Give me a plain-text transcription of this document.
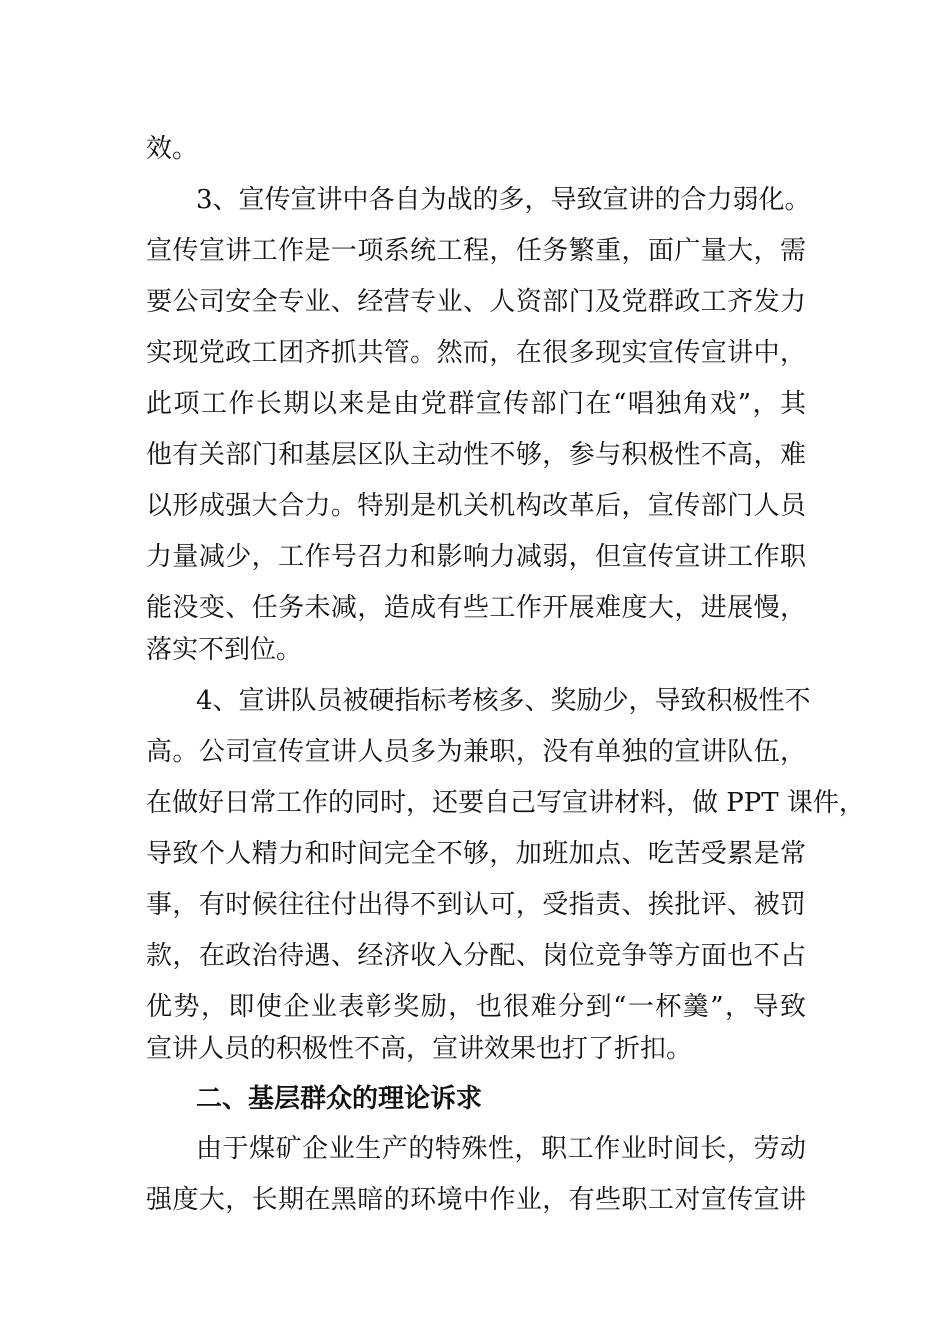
效。
3、宣传宣讲中各自为战的多，导致宣讲的合力弱化。
宣传宣讲工作是一项系统工程，任务繁重，面广量大，需
要公司安全专业、经营专业、人资部门及党群政工齐发力
实现党政工团齐抓共管。然而，在很多现实宣传宣讲中，
此项工作长期以来是由党群宣传部门在“唱独角戏”，其
他有关部门和基层区队主动性不够，参与积极性不高，难
以形成强大合力。特别是机关机构改革后，宣传部门人员
力量减少，工作号召力和影响力减弱，但宣传宣讲工作职
能没变、任务未减，造成有些工作开展难度大，进展慢，
落实不到位。
4、宣讲队员被硬指标考核多、奖励少，导致积极性不
高。公司宣传宣讲人员多为兼职，没有单独的宣讲队伍，
在做好日常工作的同时，还要自己写宣讲材料，做 PPT 课件，
导致个人精力和时间完全不够，加班加点、吃苦受累是常
事，有时候往往付出得不到认可，受指责、挨批评、被罚
款，在政治待遇、经济收入分配、岗位竞争等方面也不占
优势，即使企业表彰奖励，也很难分到“一杯羹”，导致
宣讲人员的积极性不高，宣讲效果也打了折扣。
二、基层群众的理论诉求
由于煤矿企业生产的特殊性，职工作业时间长，劳动
强度大，长期在黑暗的环境中作业，有些职工对宣传宣讲
